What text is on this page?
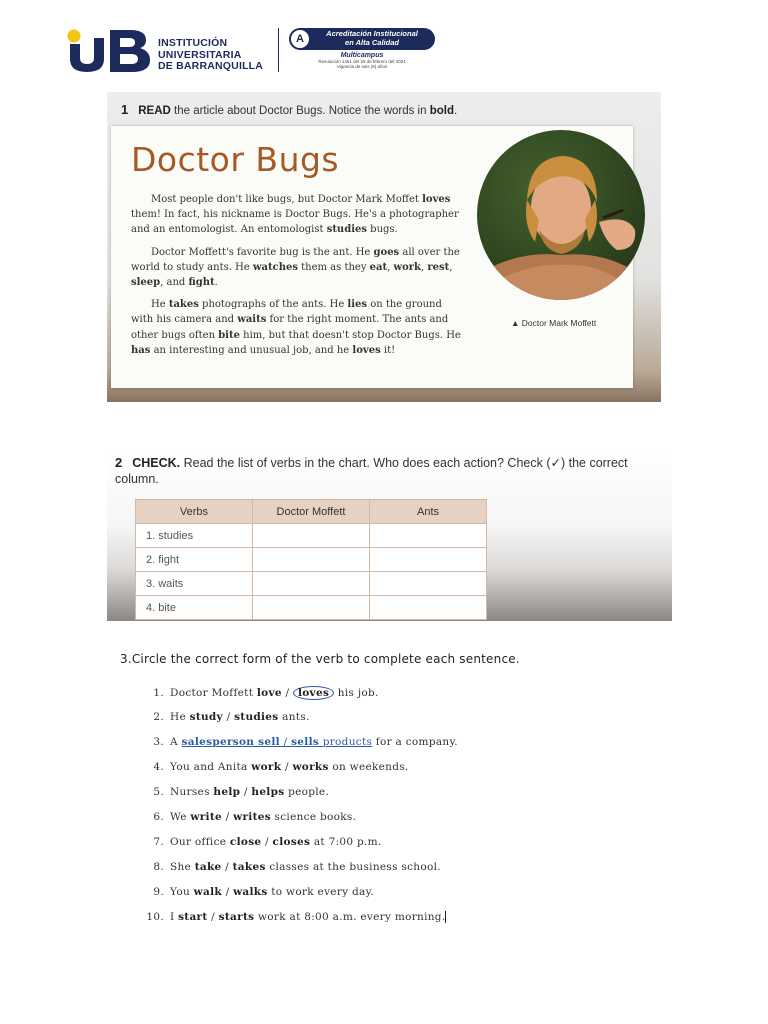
INSTITUCIÓN
UNIVERSITARIA
DE BARRANQUILLA
A	Acreditación Institucional
en Alta Calidad
Multicampus
Resolución 1461 del 29 de febrero del 2024
Vigencia de seis (6) años
1 READ the article about Doctor Bugs. Notice the words in bold.
Doctor Bugs

Most people don't like bugs, but Doctor Mark Moffet loves them! In fact, his nickname is Doctor Bugs. He's a photographer and an entomologist. An entomologist studies bugs.

Doctor Moffett's favorite bug is the ant. He goes all over the world to study ants. He watches them as they eat, work, rest, sleep, and fight.

He takes photographs of the ants. He lies on the ground with his camera and waits for the right moment. The ants and other bugs often bite him, but that doesn't stop Doctor Bugs. He has an interesting and unusual job, and he loves it!

▲ Doctor Mark Moffett
2 CHECK. Read the list of verbs in the chart. Who does each action? Check (✓) the correct column.
Verbs	Doctor Moffett	Ants
1. studies		
2. fight		
3. waits		
4. bite		
3.Circle the correct form of the verb to complete each sentence.
1. Doctor Moffett love / loves his job.
2. He study / studies ants.
3. A salesperson sell / sells products for a company.
4. You and Anita work / works on weekends.
5. Nurses help / helps people.
6. We write / writes science books.
7. Our office close / closes at 7:00 p.m.
8. She take / takes classes at the business school.
9. You walk / walks to work every day.
10. I start / starts work at 8:00 a.m. every morning.
